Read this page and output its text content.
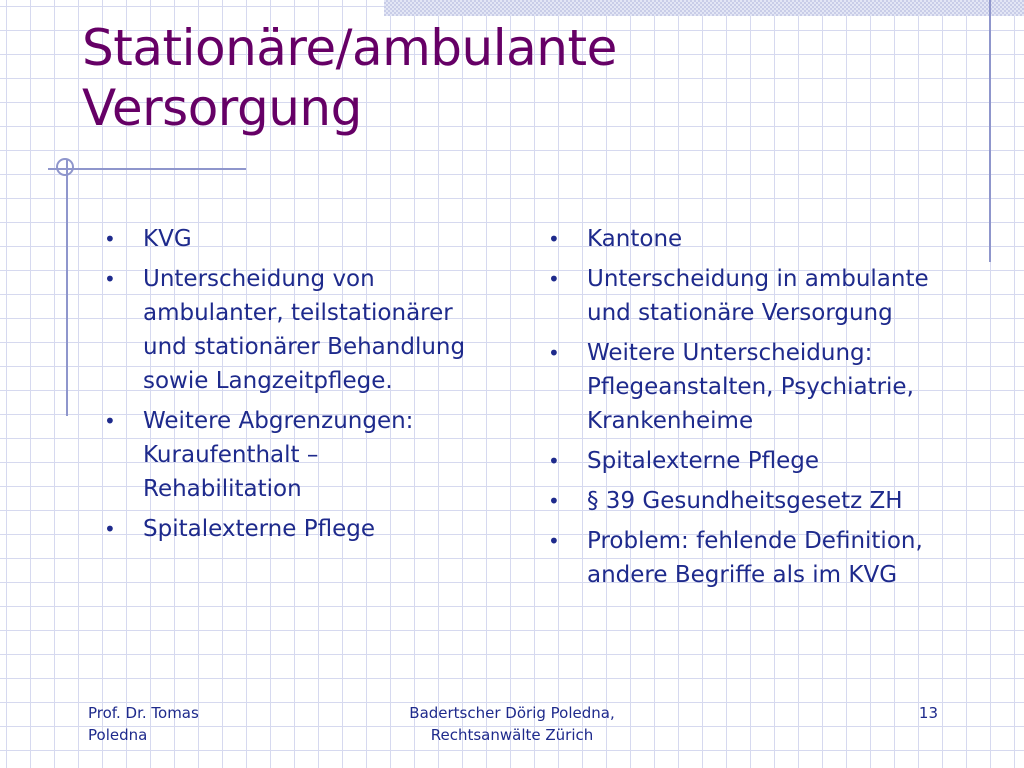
Stationäre/ambulante
Versorgung
• KVG
• Unterscheidung von
ambulanter, teilstationärer
und stationärer Behandlung
sowie Langzeitpflege.
• Weitere Abgrenzungen:
Kuraufenthalt –
Rehabilitation
• Spitalexterne Pflege
• Kantone
• Unterscheidung in ambulante
und stationäre Versorgung
• Weitere Unterscheidung:
Pflegeanstalten, Psychiatrie,
Krankenheime
• Spitalexterne Pflege
• § 39 Gesundheitsgesetz ZH
• Problem: fehlende Definition,
andere Begriffe als im KVG
Prof. Dr. Tomas
Poledna
Badertscher Dörig Poledna,
Rechtsanwälte Zürich
13
